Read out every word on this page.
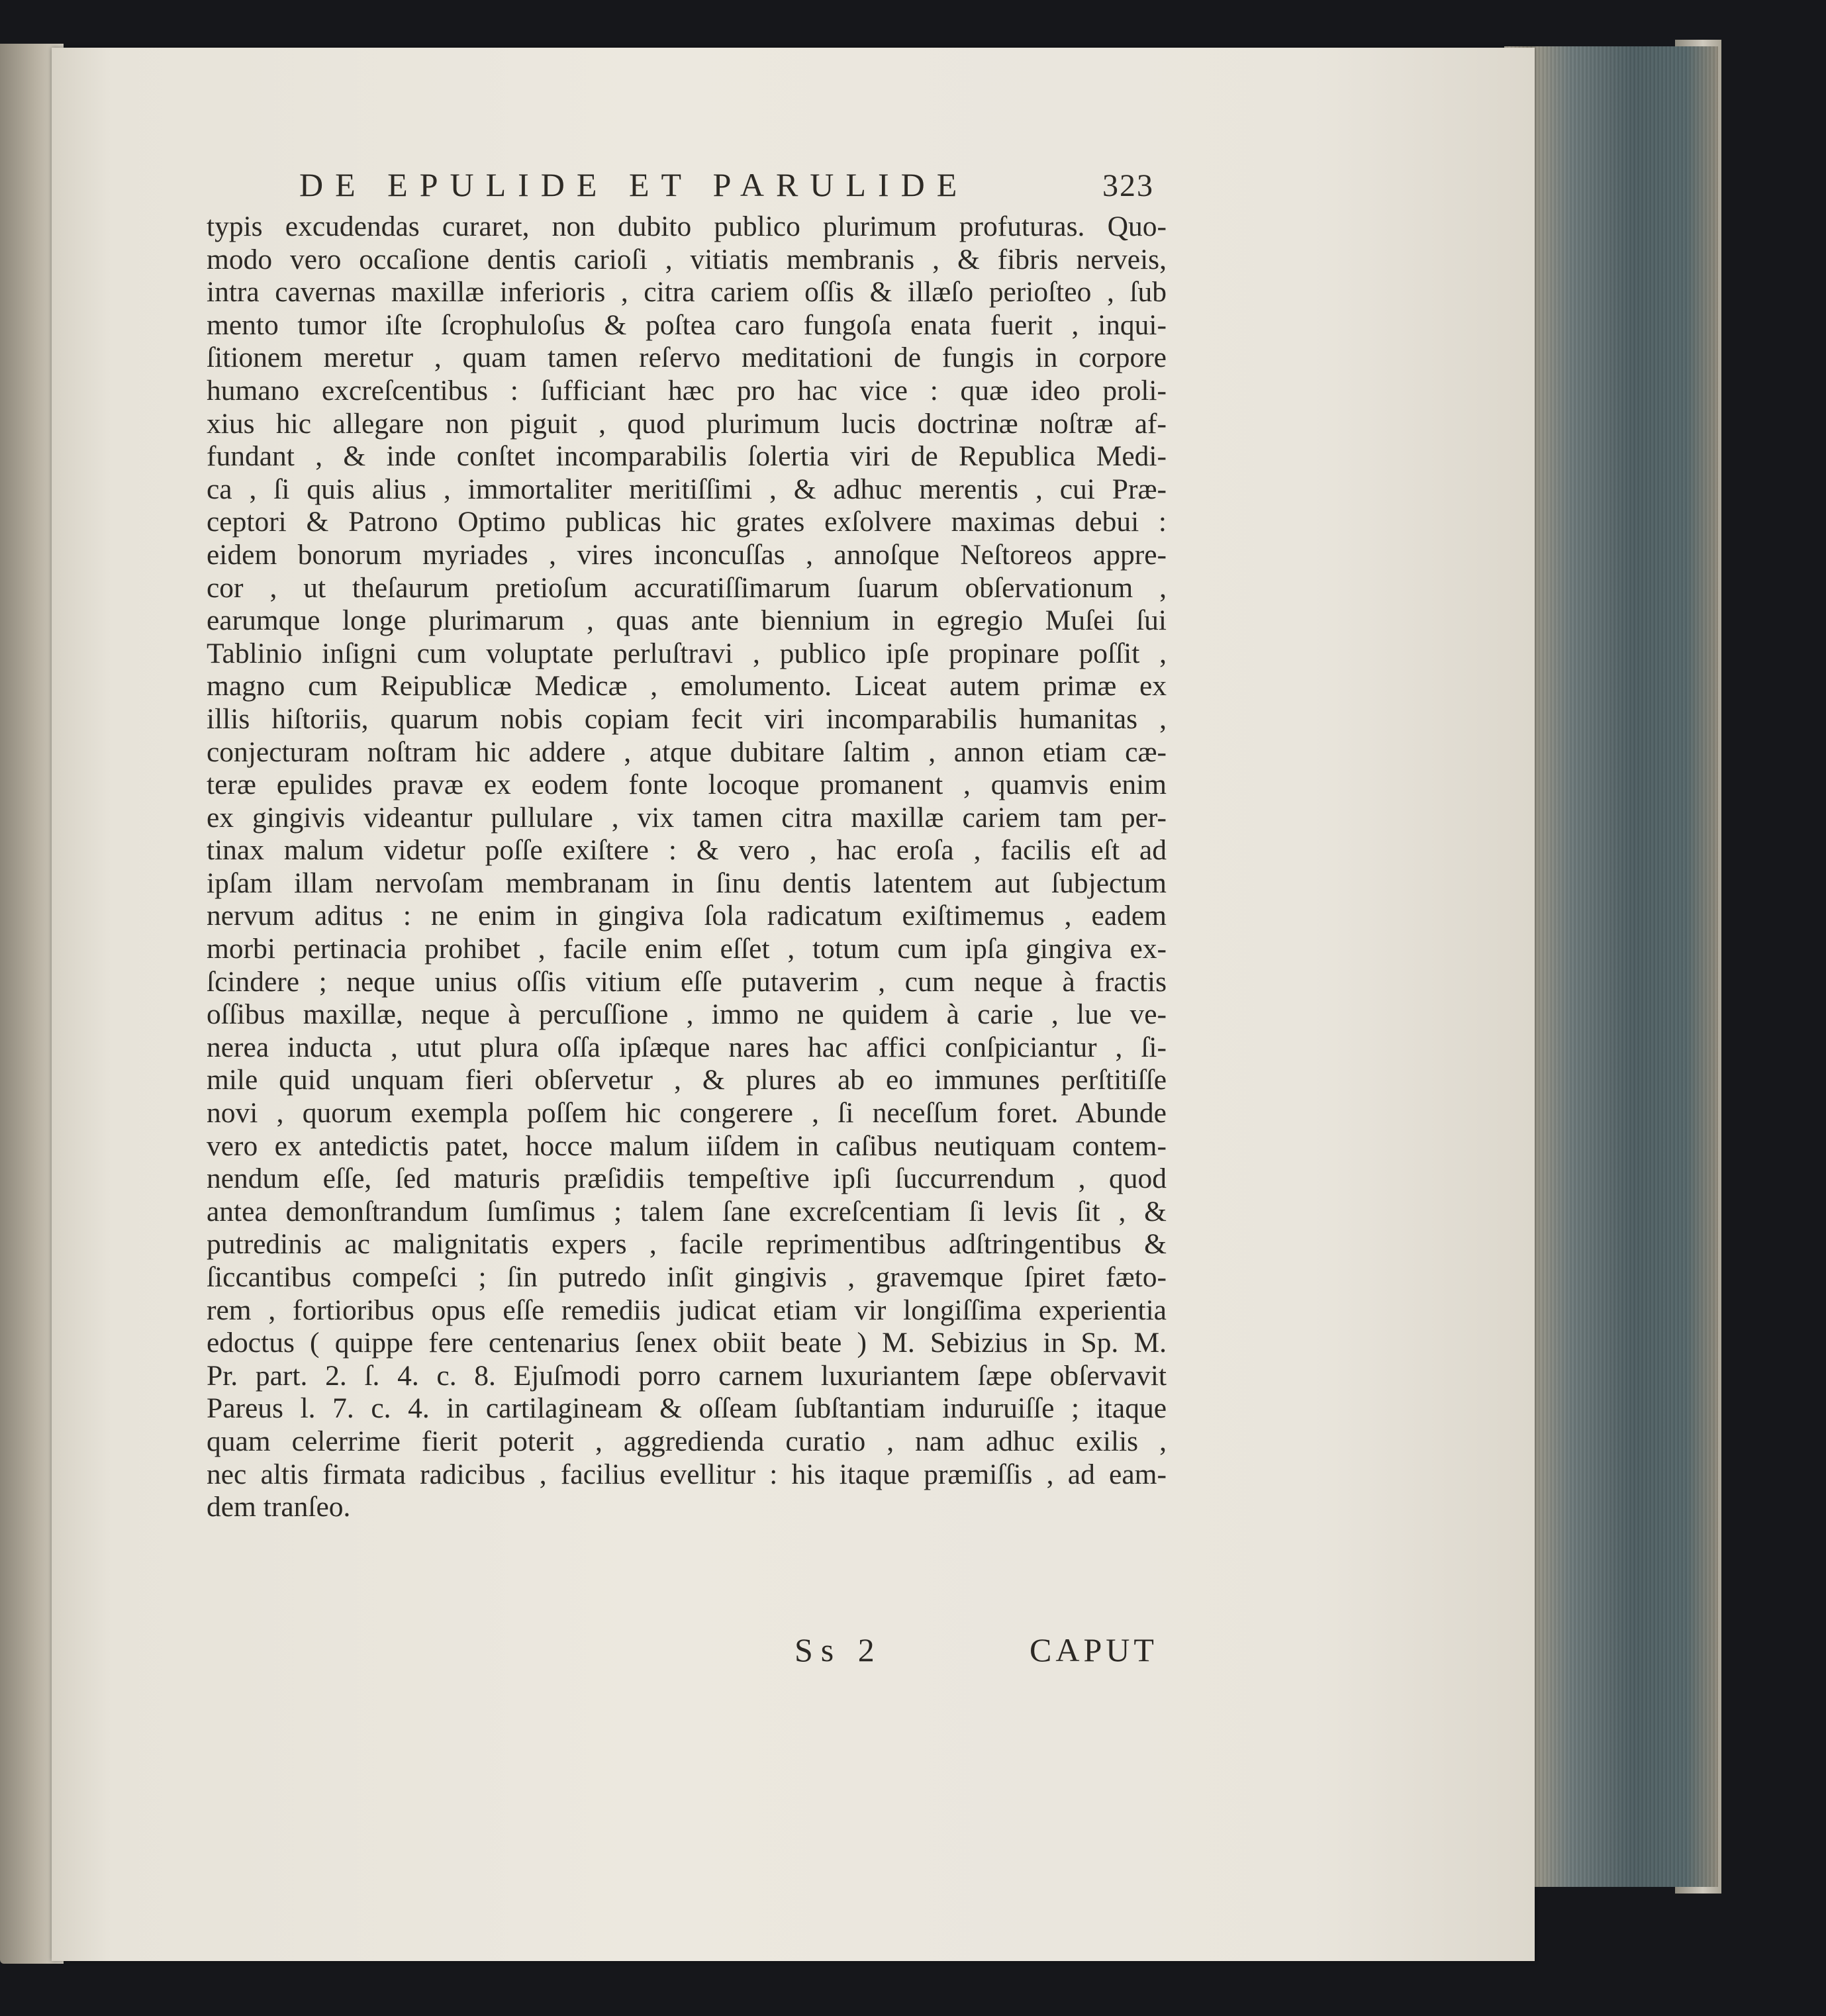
DE EPULIDE ET PARULIDE	323
typis excudendas curaret, non dubito publico plurimum profuturas. Quo-
modo vero occaſione dentis carioſi , vitiatis membranis , & fibris nerveis,
intra cavernas maxillæ inferioris , citra cariem oſſis & illæſo perioſteo , ſub
mento tumor iſte ſcrophuloſus & poſtea caro fungoſa enata fuerit , inqui-
ſitionem meretur , quam tamen reſervo meditationi de fungis in corpore
humano excreſcentibus : ſufficiant hæc pro hac vice : quæ ideo proli-
xius hic allegare non piguit , quod plurimum lucis doctrinæ noſtræ af-
fundant , & inde conſtet incomparabilis ſolertia viri de Republica Medi-
ca , ſi quis alius , immortaliter meritiſſimi , & adhuc merentis , cui Præ-
ceptori & Patrono Optimo publicas hic grates exſolvere maximas debui :
eidem bonorum myriades , vires inconcuſſas , annoſque Neſtoreos appre-
cor , ut theſaurum pretioſum accuratiſſimarum ſuarum obſervationum ,
earumque longe plurimarum , quas ante biennium in egregio Muſei ſui
Tablinio inſigni cum voluptate perluſtravi , publico ipſe propinare poſſit ,
magno cum Reipublicæ Medicæ , emolumento. Liceat autem primæ ex
illis hiſtoriis, quarum nobis copiam fecit viri incomparabilis humanitas ,
conjecturam noſtram hic addere , atque dubitare ſaltim , annon etiam cæ-
teræ epulides pravæ ex eodem fonte locoque promanent , quamvis enim
ex gingivis videantur pullulare , vix tamen citra maxillæ cariem tam per-
tinax malum videtur poſſe exiſtere : & vero , hac eroſa , facilis eſt ad
ipſam illam nervoſam membranam in ſinu dentis latentem aut ſubjectum
nervum aditus : ne enim in gingiva ſola radicatum exiſtimemus , eadem
morbi pertinacia prohibet , facile enim eſſet , totum cum ipſa gingiva ex-
ſcindere ; neque unius oſſis vitium eſſe putaverim , cum neque à fractis
oſſibus maxillæ, neque à percuſſione , immo ne quidem à carie , lue ve-
nerea inducta , utut plura oſſa ipſæque nares hac affici conſpiciantur , ſi-
mile quid unquam fieri obſervetur , & plures ab eo immunes perſtitiſſe
novi , quorum exempla poſſem hic congerere , ſi neceſſum foret. Abunde
vero ex antedictis patet, hocce malum iiſdem in caſibus neutiquam contem-
nendum eſſe, ſed maturis præſidiis tempeſtive ipſi ſuccurrendum , quod
antea demonſtrandum ſumſimus ; talem ſane excreſcentiam ſi levis ſit , &
putredinis ac malignitatis expers , facile reprimentibus adſtringentibus &
ſiccantibus compeſci ; ſin putredo inſit gingivis , gravemque ſpiret fæto-
rem , fortioribus opus eſſe remediis judicat etiam vir longiſſima experientia
edoctus ( quippe fere centenarius ſenex obiit beate ) M. Sebizius in Sp. M.
Pr. part. 2. ſ. 4. c. 8. Ejuſmodi porro carnem luxuriantem ſæpe obſervavit
Pareus l. 7. c. 4. in cartilagineam & oſſeam ſubſtantiam induruiſſe ; itaque
quam celerrime fierit poterit , aggredienda curatio , nam adhuc exilis ,
nec altis firmata radicibus , facilius evellitur : his itaque præmiſſis , ad eam-
dem tranſeo.
Ss 2	CAPUT
